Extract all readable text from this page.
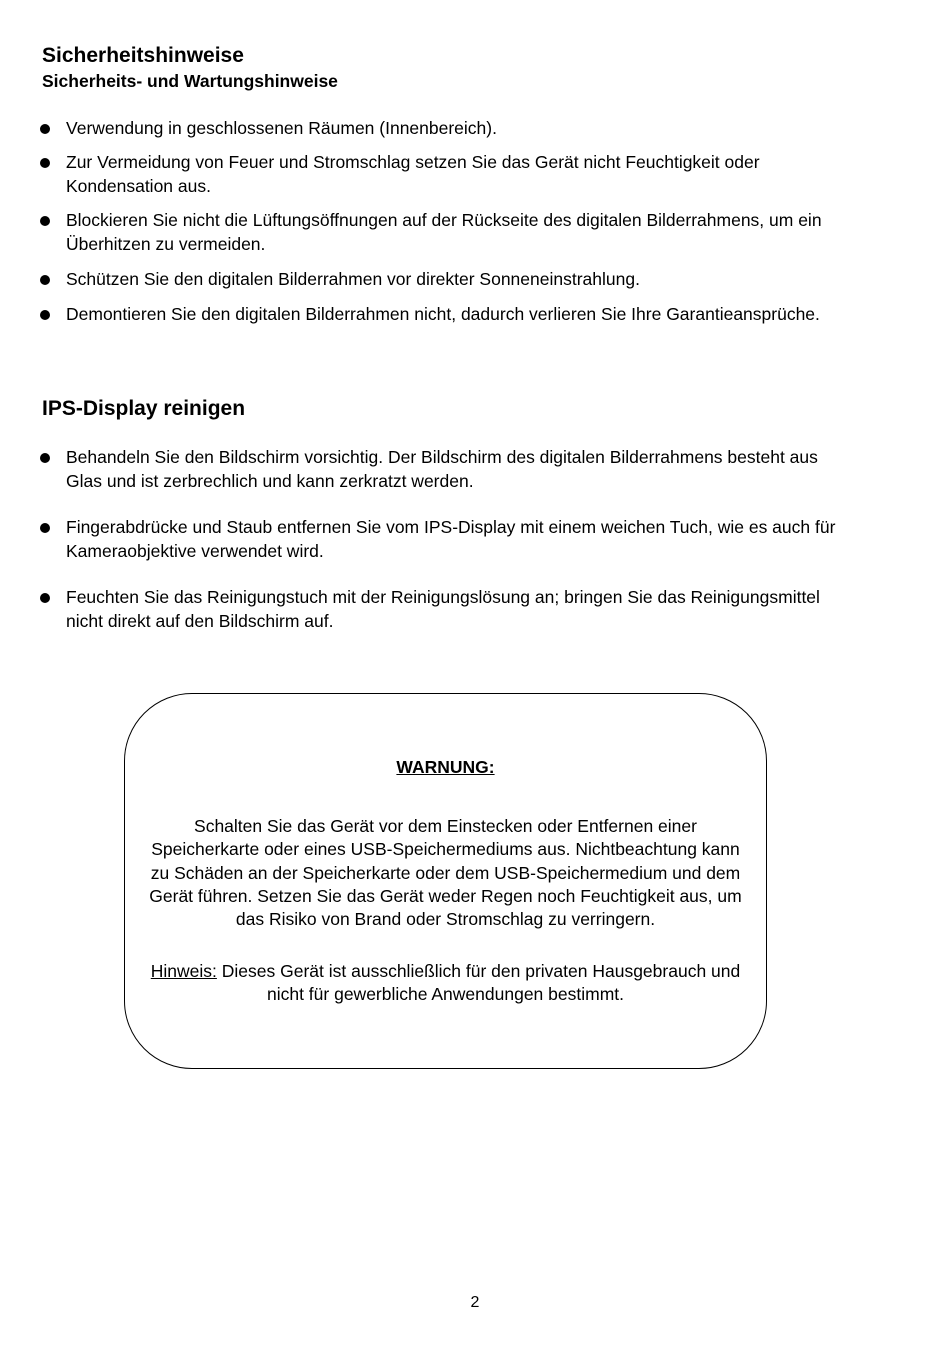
Sicherheitshinweise
Sicherheits- und Wartungshinweise
Verwendung in geschlossenen Räumen (Innenbereich).
Zur Vermeidung von Feuer und Stromschlag setzen Sie das Gerät nicht Feuchtigkeit oder Kondensation aus.
Blockieren Sie nicht die Lüftungsöffnungen auf der Rückseite des digitalen Bilderrahmens, um ein Überhitzen zu vermeiden.
Schützen Sie den digitalen Bilderrahmen vor direkter Sonneneinstrahlung.
Demontieren Sie den digitalen Bilderrahmen nicht, dadurch verlieren Sie Ihre Garantieansprüche.
IPS-Display reinigen
Behandeln Sie den Bildschirm vorsichtig. Der Bildschirm des digitalen Bilderrahmens besteht aus Glas und ist zerbrechlich und kann zerkratzt werden.
Fingerabdrücke und Staub entfernen Sie vom IPS-Display mit einem weichen Tuch, wie es auch für Kameraobjektive verwendet wird.
Feuchten Sie das Reinigungstuch mit der Reinigungslösung an; bringen Sie das Reinigungsmittel nicht direkt auf den Bildschirm auf.
WARNUNG:
Schalten Sie das Gerät vor dem Einstecken oder Entfernen einer Speicherkarte oder eines USB-Speichermediums aus. Nichtbeachtung kann zu Schäden an der Speicherkarte oder dem USB-Speichermedium und dem Gerät führen. Setzen Sie das Gerät weder Regen noch Feuchtigkeit aus, um das Risiko von Brand oder Stromschlag zu verringern.
Hinweis: Dieses Gerät ist ausschließlich für den privaten Hausgebrauch und nicht für gewerbliche Anwendungen bestimmt.
2
